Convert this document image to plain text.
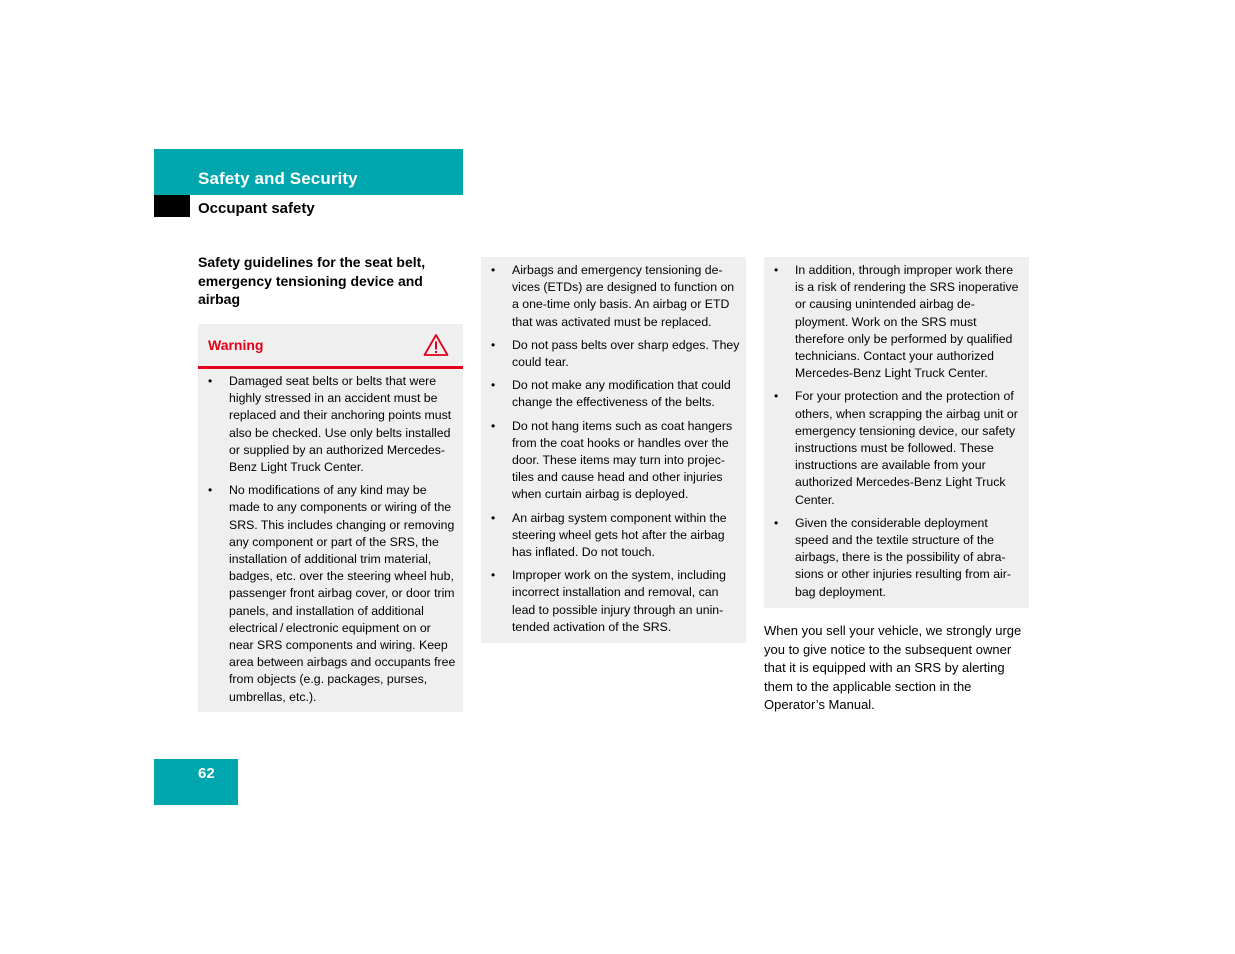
Safety and Security
Occupant safety
Safety guidelines for the seat belt, emergency tensioning device and airbag
Warning
• Damaged seat belts or belts that were highly stressed in an accident must be replaced and their anchoring points must also be checked. Use only belts installed or supplied by an authorized Mercedes-Benz Light Truck Center.
• No modifications of any kind may be made to any components or wiring of the SRS. This includes changing or removing any component or part of the SRS, the installation of additional trim material, badges, etc. over the steering wheel hub, passenger front airbag cover, or door trim panels, and installation of additional electrical / electronic equipment on or near SRS components and wiring. Keep area between airbags and occupants free from objects (e.g. packages, purses, umbrellas, etc.).
• Airbags and emergency tensioning devices (ETDs) are designed to function on a one-time only basis. An airbag or ETD that was activated must be replaced.
• Do not pass belts over sharp edges. They could tear.
• Do not make any modification that could change the effectiveness of the belts.
• Do not hang items such as coat hangers from the coat hooks or handles over the door. These items may turn into projectiles and cause head and other injuries when curtain airbag is deployed.
• An airbag system component within the steering wheel gets hot after the airbag has inflated. Do not touch.
• Improper work on the system, including incorrect installation and removal, can lead to possible injury through an unintended activation of the SRS.
• In addition, through improper work there is a risk of rendering the SRS inoperative or causing unintended airbag deployment. Work on the SRS must therefore only be performed by qualified technicians. Contact your authorized Mercedes-Benz Light Truck Center.
• For your protection and the protection of others, when scrapping the airbag unit or emergency tensioning device, our safety instructions must be followed. These instructions are available from your authorized Mercedes-Benz Light Truck Center.
• Given the considerable deployment speed and the textile structure of the airbags, there is the possibility of abrasions or other injuries resulting from airbag deployment.
When you sell your vehicle, we strongly urge you to give notice to the subsequent owner that it is equipped with an SRS by alerting them to the applicable section in the Operator’s Manual.
62
